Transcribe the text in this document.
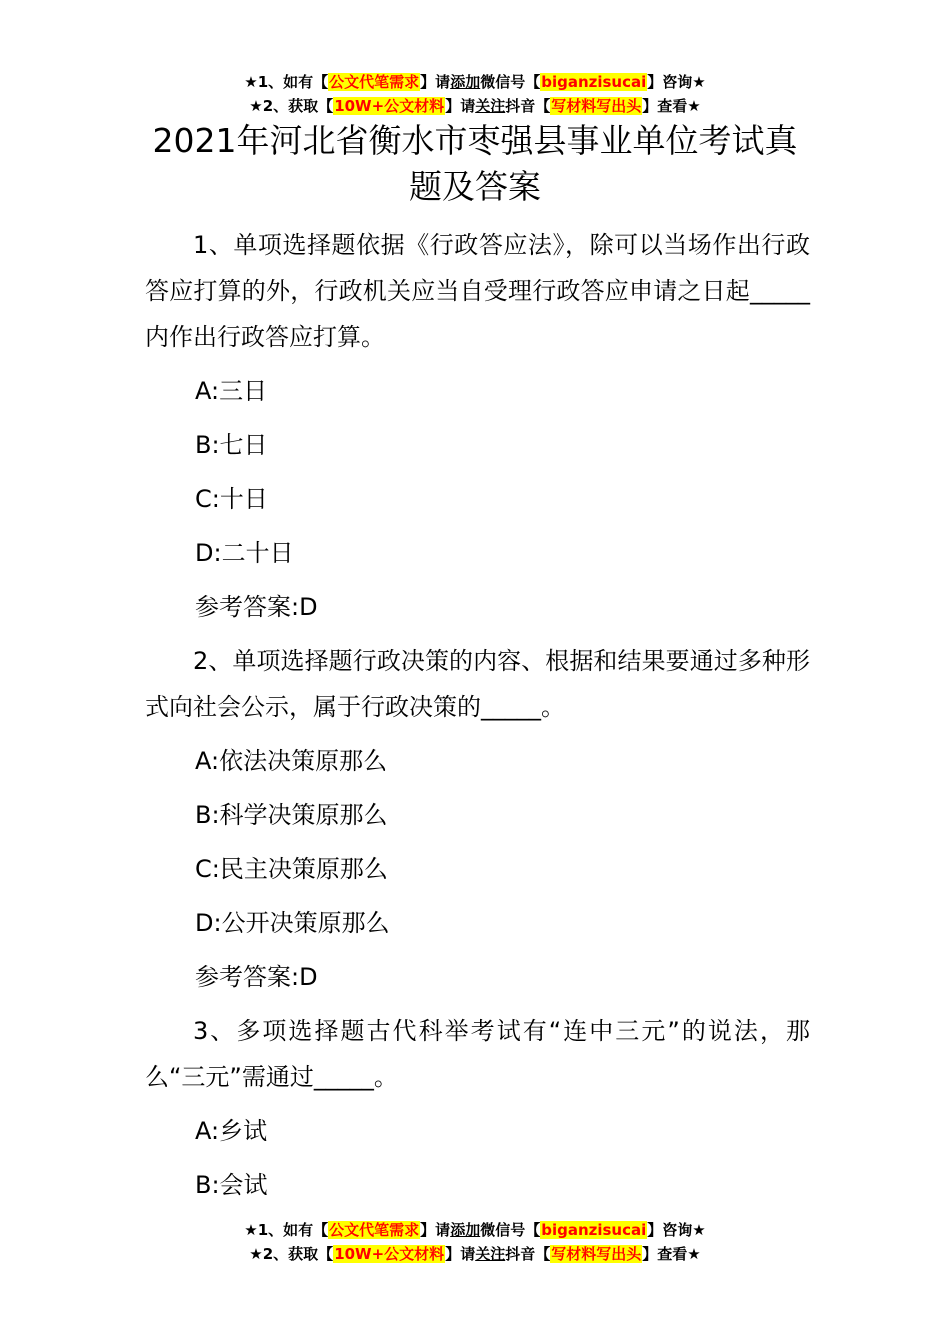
★1、如有【公文代笔需求】请添加微信号【biganzisucai】咨询★
★2、获取【10W+公文材料】请关注抖音【写材料写出头】查看★
2021年河北省衡水市枣强县事业单位考试真题及答案

1、单项选择题依据《行政答应法》，除可以当场作出行政答应打算的外，行政机关应当自受理行政答应申请之日起_____内作出行政答应打算。

A:三日

B:七日

C:十日

D:二十日

参考答案:D

2、单项选择题行政决策的内容、根据和结果要通过多种形式向社会公示，属于行政决策的_____。

A:依法决策原那么

B:科学决策原那么

C:民主决策原那么

D:公开决策原那么

参考答案:D

3、多项选择题古代科举考试有“连中三元”的说法，那么“三元”需通过_____。

A:乡试

B:会试

★1、如有【公文代笔需求】请添加微信号【biganzisucai】咨询★
★2、获取【10W+公文材料】请关注抖音【写材料写出头】查看★
